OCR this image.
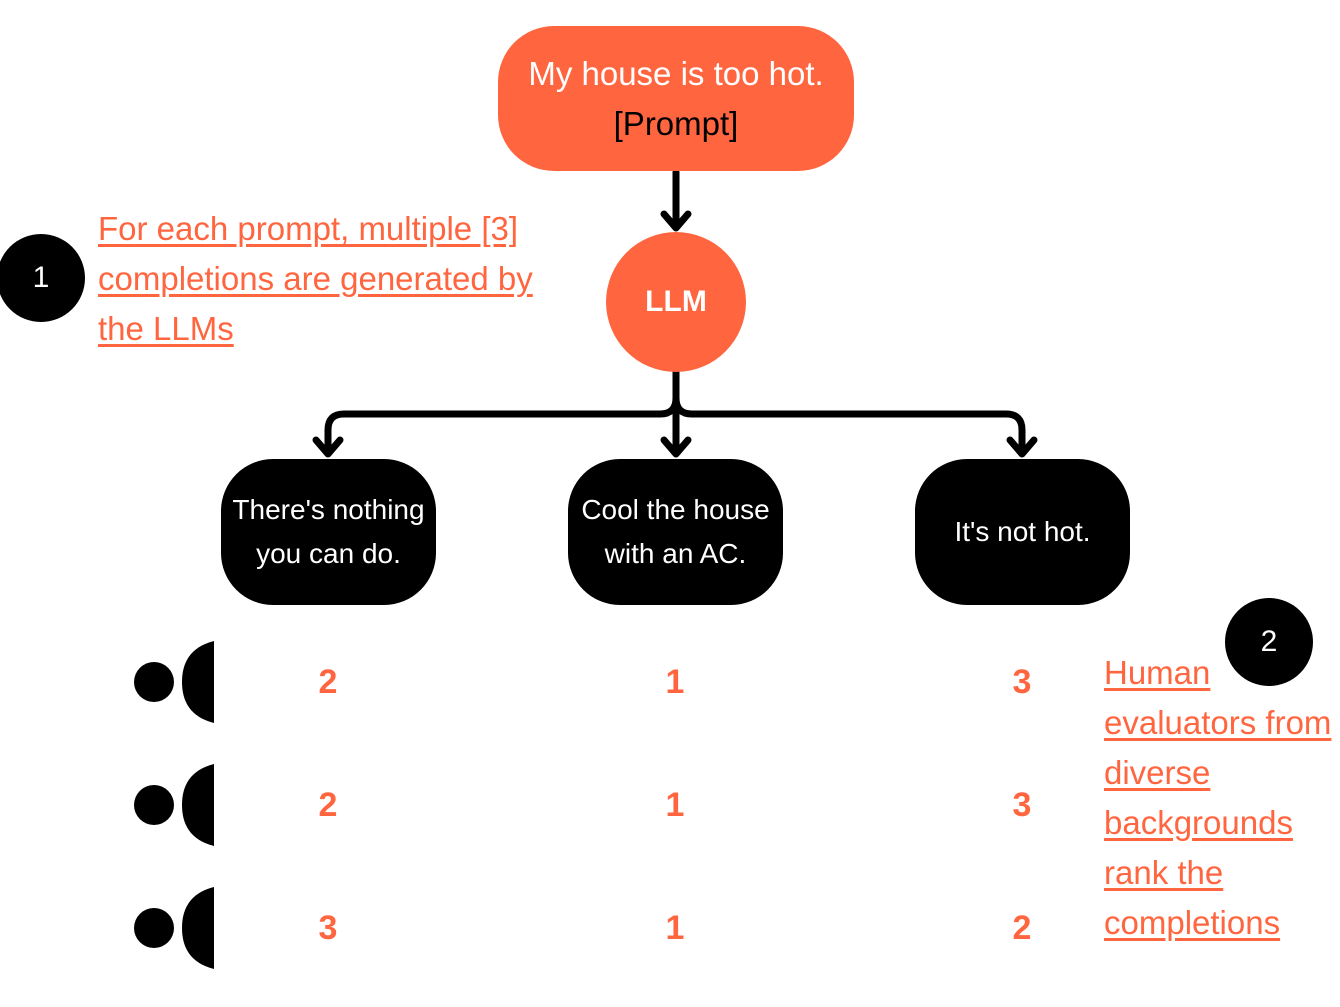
My house is too hot.
[Prompt]
LLM
There's nothing
you can do.
Cool the house
with an AC.
It's not hot.
1
For each prompt, multiple [3] completions are generated by the LLMs
2
Human evaluators from diverse backgrounds rank the completions
2	1	3
2	1	3
3	1	2
